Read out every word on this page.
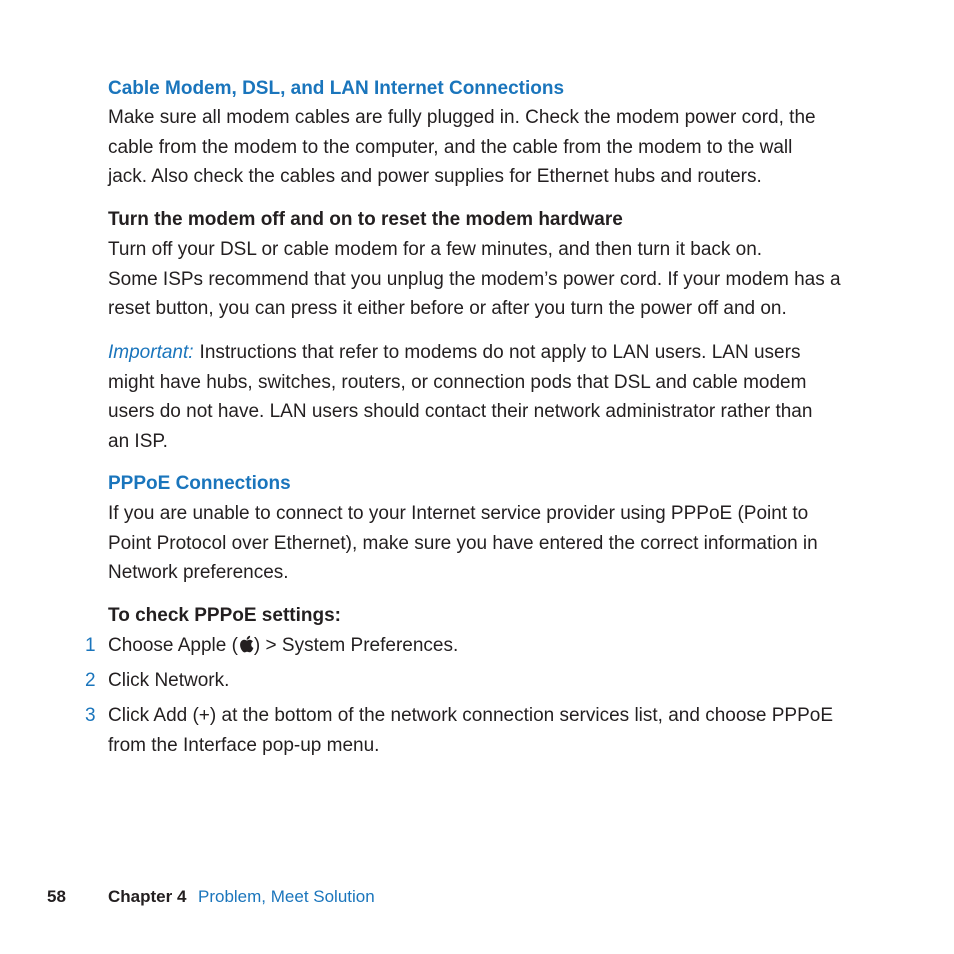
Cable Modem, DSL, and LAN Internet Connections

Make sure all modem cables are fully plugged in. Check the modem power cord, the
cable from the modem to the computer, and the cable from the modem to the wall
jack. Also check the cables and power supplies for Ethernet hubs and routers.

Turn the modem off and on to reset the modem hardware

Turn off your DSL or cable modem for a few minutes, and then turn it back on.
Some ISPs recommend that you unplug the modem’s power cord. If your modem has a
reset button, you can press it either before or after you turn the power off and on.

Important: Instructions that refer to modems do not apply to LAN users. LAN users
might have hubs, switches, routers, or connection pods that DSL and cable modem
users do not have. LAN users should contact their network administrator rather than
an ISP.

PPPoE Connections

If you are unable to connect to your Internet service provider using PPPoE (Point to
Point Protocol over Ethernet), make sure you have entered the correct information in
Network preferences.

To check PPPoE settings:
1 Choose Apple ( ) > System Preferences.
2 Click Network.
3 Click Add (+) at the bottom of the network connection services list, and choose PPPoE
from the Interface pop-up menu.
58 Chapter 4 Problem, Meet Solution
